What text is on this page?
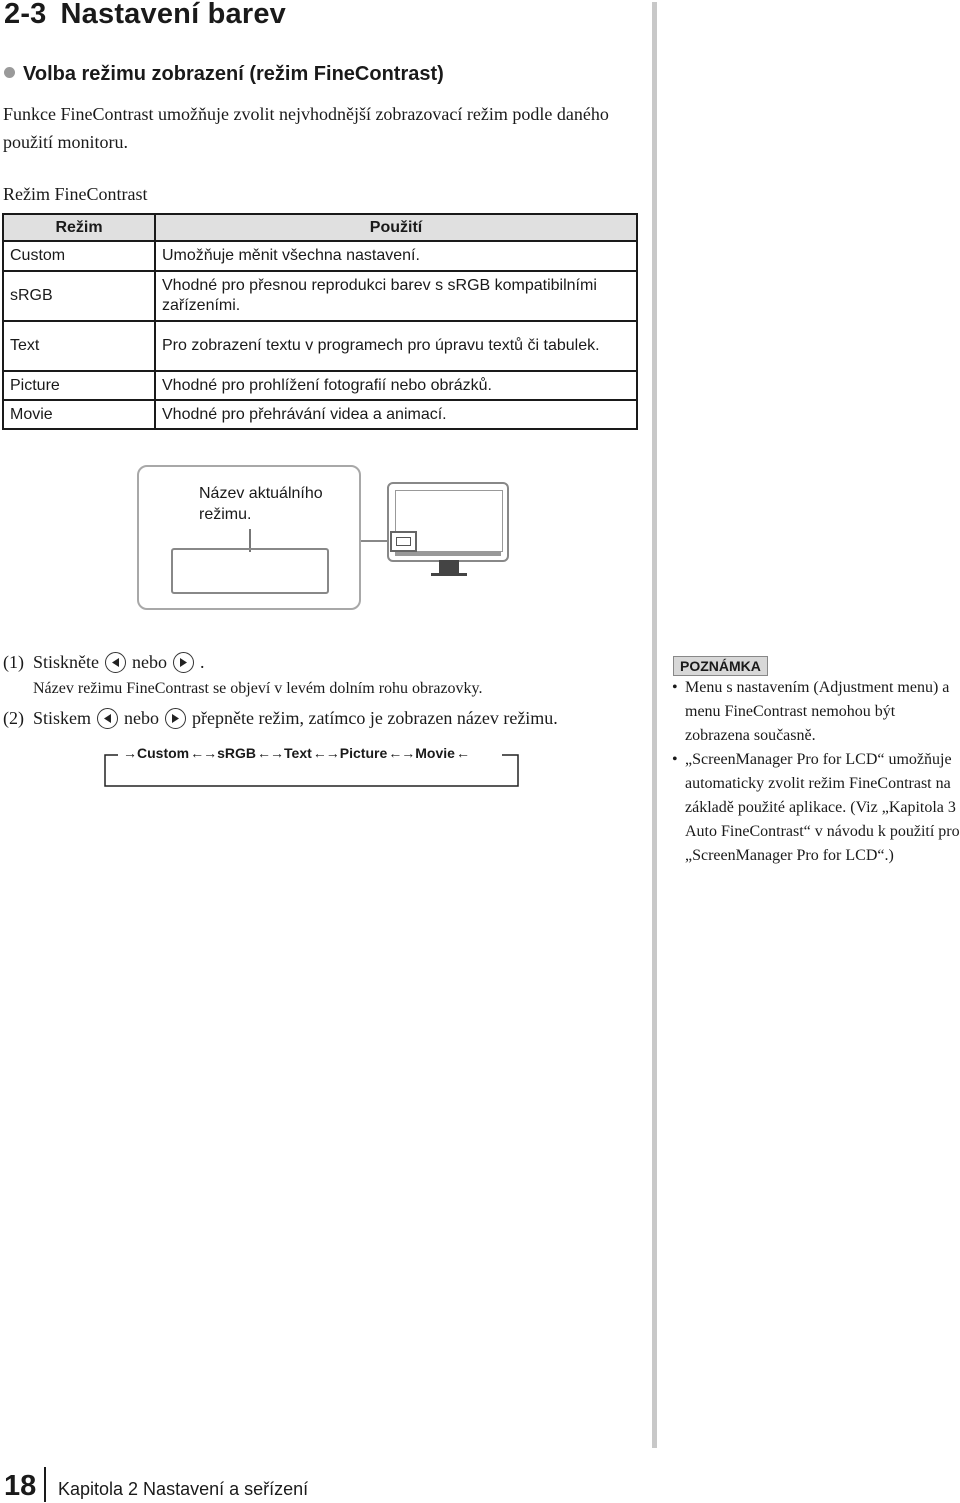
2-3 Nastavení barev
Volba režimu zobrazení (režim FineContrast)

Funkce FineContrast umožňuje zvolit nejvhodnější zobrazovací režim podle daného použití monitoru.

Režim FineContrast

Režim	Použití
Custom	Umožňuje měnit všechna nastavení.
sRGB	Vhodné pro přesnou reprodukci barev s sRGB kompatibilními zařízeními.
Text	Pro zobrazení textu v programech pro úpravu textů či tabulek.
Picture	Vhodné pro prohlížení fotografií nebo obrázků.
Movie	Vhodné pro přehrávání videa a animací.
Název aktuálního režimu.

(1) Stiskněte nebo .

Název režimu FineContrast se objeví v levém dolním rohu obrazovky.

(2) Stiskem nebo přepněte režim, zatímco je zobrazen název režimu.

→Custom←→sRGB←→Text←→Picture←→Movie←
POZNÁMKA
• Menu s nastavením (Adjustment menu) a menu FineContrast nemohou být zobrazena současně.
• „ScreenManager Pro for LCD“ umožňuje automaticky zvolit režim FineContrast na základě použité aplikace. (Viz „Kapitola 3 Auto FineContrast“ v návodu k použití pro „ScreenManager Pro for LCD“.)
18 Kapitola 2 Nastavení a seřízení
